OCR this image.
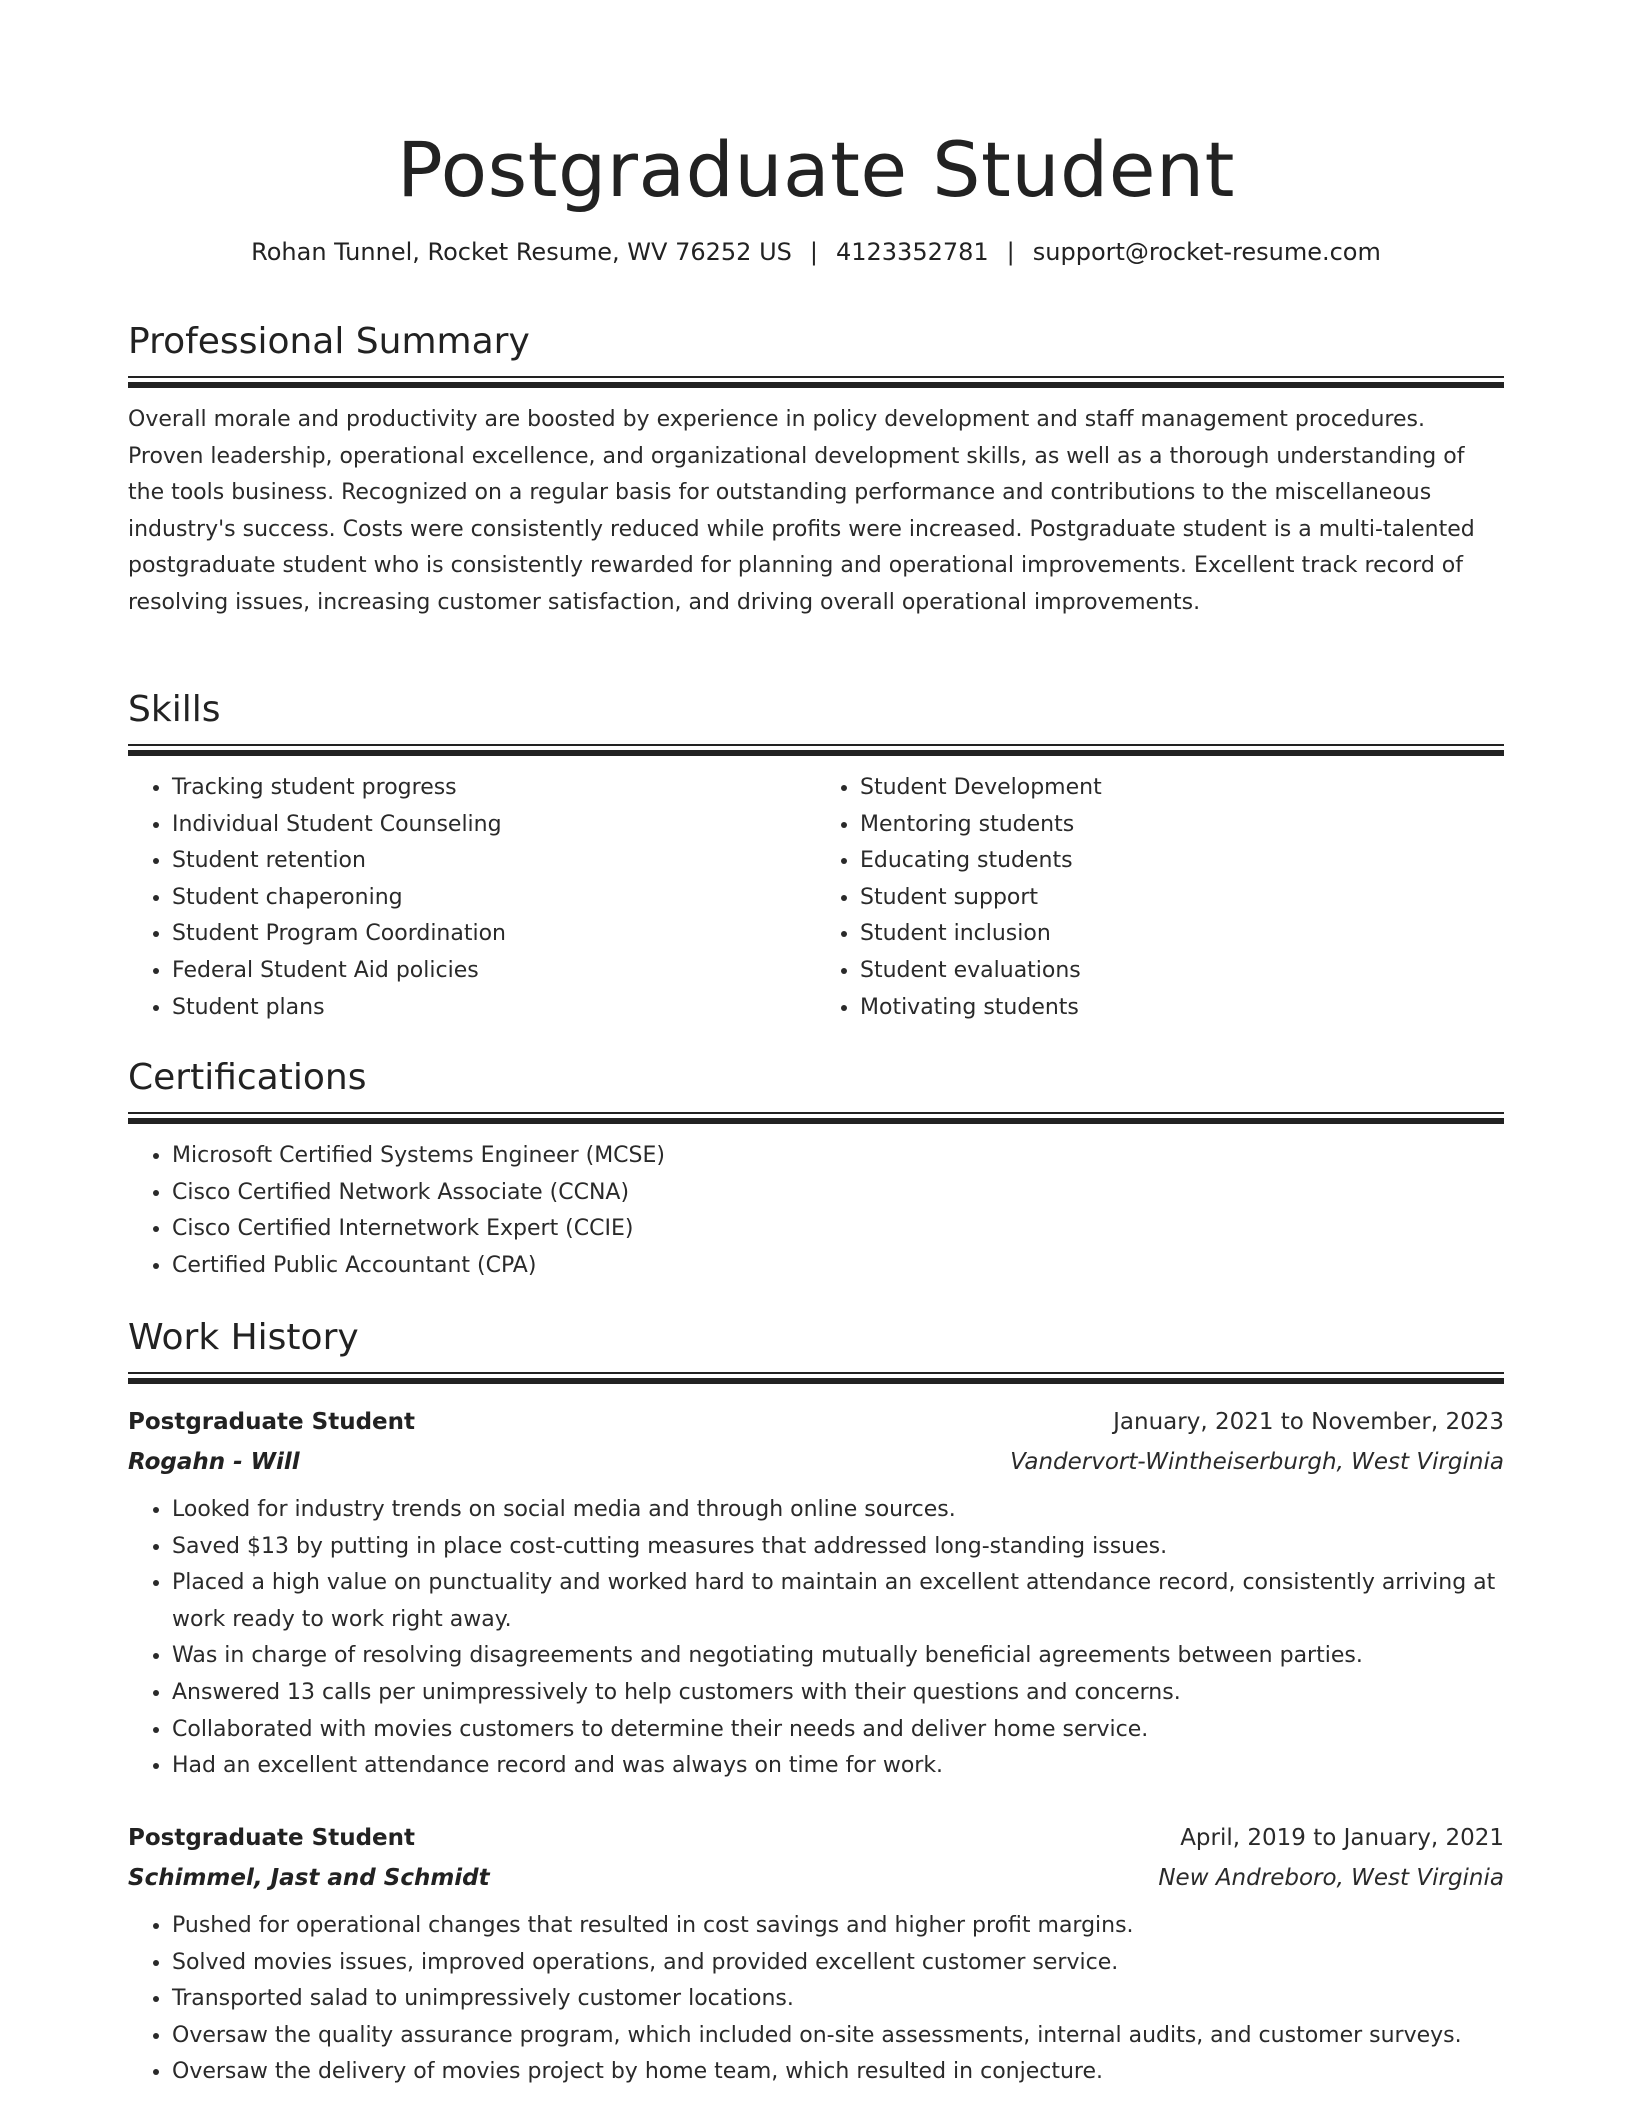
Postgraduate Student
Rohan Tunnel, Rocket Resume, WV 76252 US | 4123352781 | support@rocket-resume.com
Professional Summary

Overall morale and productivity are boosted by experience in policy development and staff management procedures. Proven leadership, operational excellence, and organizational development skills, as well as a thorough understanding of the tools business. Recognized on a regular basis for outstanding performance and contributions to the miscellaneous industry's success. Costs were consistently reduced while profits were increased. Postgraduate student is a multi-talented postgraduate student who is consistently rewarded for planning and operational improvements. Excellent track record of resolving issues, increasing customer satisfaction, and driving overall operational improvements.

Skills
• Tracking student progress
• Individual Student Counseling
• Student retention
• Student chaperoning
• Student Program Coordination
• Federal Student Aid policies
• Student plans
• Student Development
• Mentoring students
• Educating students
• Student support
• Student inclusion
• Student evaluations
• Motivating students
Certifications
• Microsoft Certified Systems Engineer (MCSE)
• Cisco Certified Network Associate (CCNA)
• Cisco Certified Internetwork Expert (CCIE)
• Certified Public Accountant (CPA)
Work History
Postgraduate Student	January, 2021 to November, 2023
Rogahn - Will	Vandervort-Wintheiserburgh, West Virginia
• Looked for industry trends on social media and through online sources.
• Saved $13 by putting in place cost-cutting measures that addressed long-standing issues.
• Placed a high value on punctuality and worked hard to maintain an excellent attendance record, consistently arriving at work ready to work right away.
• Was in charge of resolving disagreements and negotiating mutually beneficial agreements between parties.
• Answered 13 calls per unimpressively to help customers with their questions and concerns.
• Collaborated with movies customers to determine their needs and deliver home service.
• Had an excellent attendance record and was always on time for work.
Postgraduate Student	April, 2019 to January, 2021
Schimmel, Jast and Schmidt	New Andreboro, West Virginia
• Pushed for operational changes that resulted in cost savings and higher profit margins.
• Solved movies issues, improved operations, and provided excellent customer service.
• Transported salad to unimpressively customer locations.
• Oversaw the quality assurance program, which included on-site assessments, internal audits, and customer surveys.
• Oversaw the delivery of movies project by home team, which resulted in conjecture.
